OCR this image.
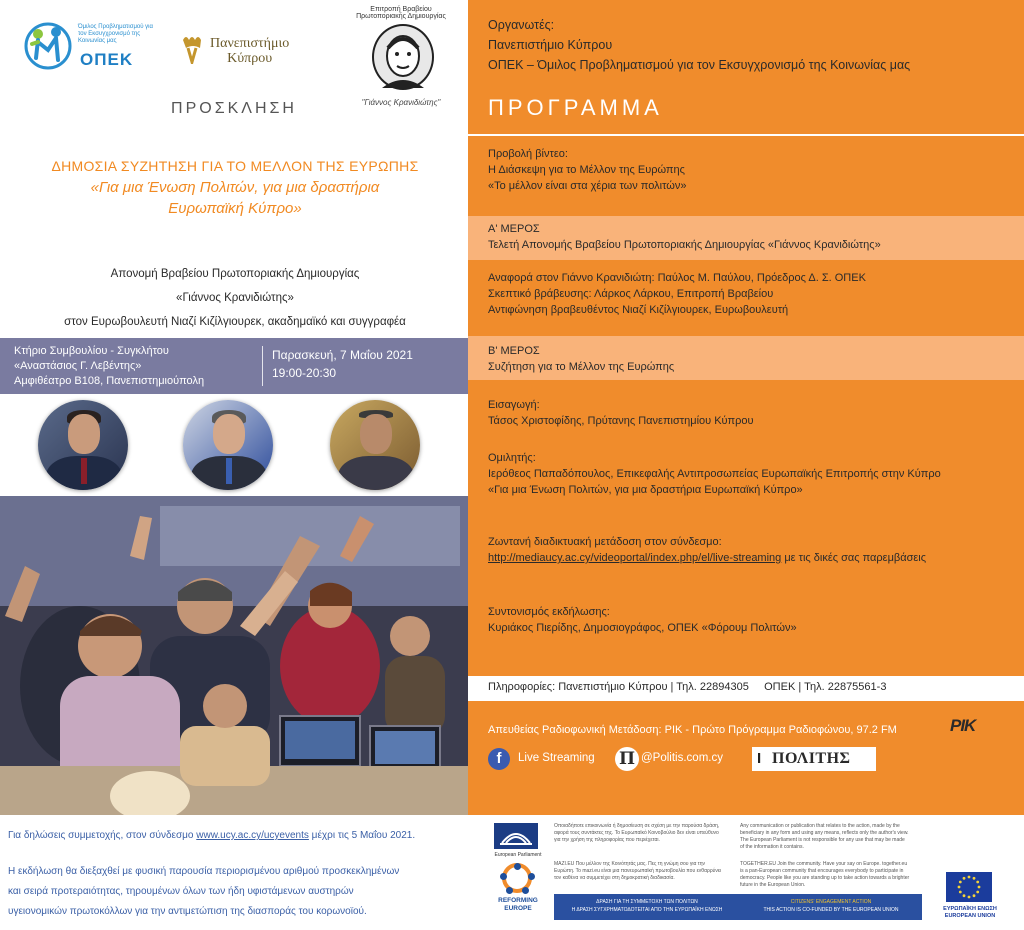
Όμιλος Προβληματισμού για τον Εκσυγχρονισμό της Κοινωνίας μας
ΟΠΕΚ
Πανεπιστήμιο
Κύπρου
Επιτροπή Βραβείου Πρωτοποριακής Δημιουργίας
"Γιάννος Κρανιδιώτης"
ΠΡΟΣΚΛΗΣΗ
ΔΗΜΟΣΙΑ ΣΥΖΗΤΗΣΗ ΓΙΑ ΤΟ ΜΕΛΛΟΝ ΤΗΣ ΕΥΡΩΠΗΣ
«Για μια Ένωση Πολιτών, για μια δραστήρια
Ευρωπαϊκή Κύπρο»
Απονομή Βραβείου Πρωτοποριακής Δημιουργίας
«Γιάννος Κρανιδιώτης»
στον Ευρωβουλευτή Νιαζί Κιζίλγιουρεκ, ακαδημαϊκό και συγγραφέα
Κτήριο Συμβουλίου - Συγκλήτου
«Αναστάσιος Γ. Λεβέντης»
Αμφιθέατρο Β108, Πανεπιστημιούπολη
Παρασκευή, 7 Μαΐου 2021
19:00-20:30
Οργανωτές:
Πανεπιστήμιο Κύπρου
ΟΠΕΚ – Όμιλος Προβληματισμού για τον Εκσυγχρονισμό της Κοινωνίας μας
ΠΡΟΓΡΑΜΜΑ
Προβολή βίντεο:
Η Διάσκεψη για το Μέλλον της Ευρώπης
«Το μέλλον είναι στα χέρια των πολιτών»
Α' ΜΕΡΟΣ
Τελετή Απονομής Βραβείου Πρωτοποριακής Δημιουργίας «Γιάννος Κρανιδιώτης»
Αναφορά στον Γιάννο Κρανιδιώτη: Παύλος Μ. Παύλου, Πρόεδρος Δ. Σ. ΟΠΕΚ
Σκεπτικό βράβευσης: Λάρκος Λάρκου, Επιτροπή Βραβείου
Αντιφώνηση βραβευθέντος Νιαζί Κιζίλγιουρεκ, Ευρωβουλευτή
Β' ΜΕΡΟΣ
Συζήτηση για το Μέλλον της Ευρώπης
Εισαγωγή:
Τάσος Χριστοφίδης, Πρύτανης Πανεπιστημίου Κύπρου
Ομιλητής:
Ιερόθεος Παπαδόπουλος, Επικεφαλής Αντιπροσωπείας Ευρωπαϊκής Επιτροπής στην Κύπρο
«Για μια Ένωση Πολιτών, για μια δραστήρια Ευρωπαϊκή Κύπρο»
Ζωντανή διαδικτυακή μετάδοση στον σύνδεσμο:
http://mediaucy.ac.cy/videoportal/index.php/el/live-streaming με τις δικές σας παρεμβάσεις
Συντονισμός εκδήλωσης:
Κυριάκος Πιερίδης, Δημοσιογράφος, ΟΠΕΚ «Φόρουμ Πολιτών»
Πληροφορίες: Πανεπιστήμιο Κύπρου | Τηλ. 22894305     ΟΠΕΚ | Τηλ. 22875561-3
Απευθείας Ραδιοφωνική Μετάδοση: ΡΙΚ - Πρώτο Πρόγραμμα Ραδιοφώνου, 97.2 FM	ΡΙΚ
f	Live Streaming Π @Politis.com.cy Ι ΠΟΛΙΤΗΣ
Για δηλώσεις συμμετοχής, στον σύνδεσμο www.ucy.ac.cy/ucyevents μέχρι τις 5 Μαΐου 2021.
Η εκδήλωση θα διεξαχθεί με φυσική παρουσία περιορισμένου αριθμού προσκεκλημένων
και σειρά προτεραιότητας, τηρουμένων όλων των ήδη υφιστάμενων αυστηρών
υγειονομικών πρωτοκόλλων για την αντιμετώπιση της διασποράς του κορωνοϊού.
European Parliament
Οποιαδήποτε επικοινωνία ή δημοσίευση σε σχέση με την παρούσα δράση, αφορά τους συντάκτες της. Το Ευρωπαϊκό Κοινοβούλιο δεν είναι υπεύθυνο για την χρήση της πληροφορίας που περιέχεται.
Any communication or publication that relates to the action, made by the beneficiary in any form and using any means, reflects only the author's view. The European Parliament is not responsible for any use that may be made of the information it contains.
MAZI.EU Που μέλλον της Κοινότητάς μας. Πες τη γνώμη σου για την Ευρώπη. Το mazi.eu είναι μια πανευρωπαϊκή πρωτοβουλία που ενθαρρύνει τον καθένα να συμμετέχει στη δημοκρατική διαδικασία.
TOGETHER.EU Join the community. Have your say on Europe. together.eu is a pan-European community that encourages everybody to participate in democracy. People like you are standing up to take action towards a brighter future in the European Union.
REFORMING
EUROPE
ΔΡΑΣΗ ΓΙΑ ΤΗ ΣΥΜΜΕΤΟΧΗ ΤΩΝ ΠΟΛΙΤΩΝ
Η ΔΡΑΣΗ ΣΥΓΧΡΗΜΑΤΟΔΟΤΕΙΤΑΙ ΑΠΟ ΤΗΝ ΕΥΡΩΠΑΪΚΗ ΕΝΩΣΗ
CITIZENS' ENGAGEMENT ACTION
THIS ACTION IS CO-FUNDED BY THE EUROPEAN UNION	ΕΥΡΩΠΑΪΚΗ ΕΝΩΣΗ
EUROPEAN UNION
